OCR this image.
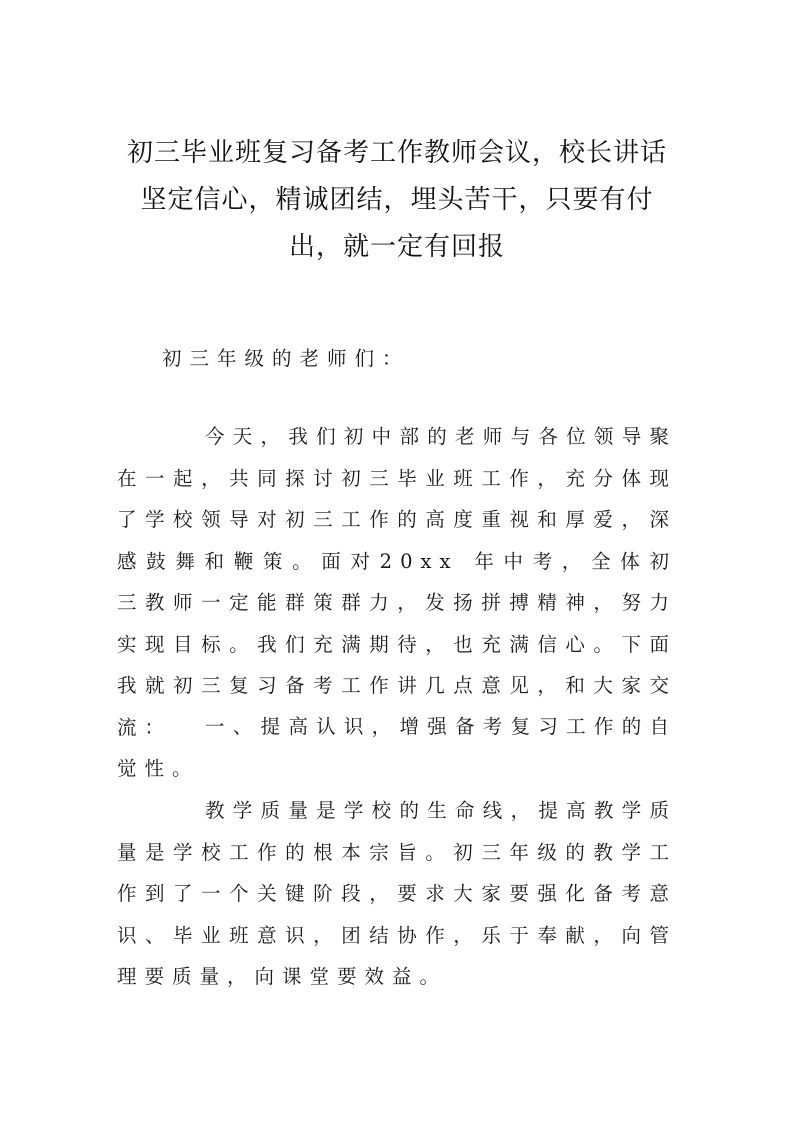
初三毕业班复习备考工作教师会议，校长讲话坚定信心，精诚团结，埋头苦干，只要有付出，就一定有回报
初三年级的老师们：
今天，我们初中部的老师与各位领导聚在一起，共同探讨初三毕业班工作，充分体现了学校领导对初三工作的高度重视和厚爱，深感鼓舞和鞭策。面对20xx 年中考，全体初三教师一定能群策群力，发扬拼搏精神，努力实现目标。我们充满期待，也充满信心。下面我就初三复习备考工作讲几点意见，和大家交流：	一、提高认识，增强备考复习工作的自觉性。
教学质量是学校的生命线，提高教学质量是学校工作的根本宗旨。初三年级的教学工作到了一个关键阶段，要求大家要强化备考意识、毕业班意识，团结协作，乐于奉献，向管理要质量，向课堂要效益。
